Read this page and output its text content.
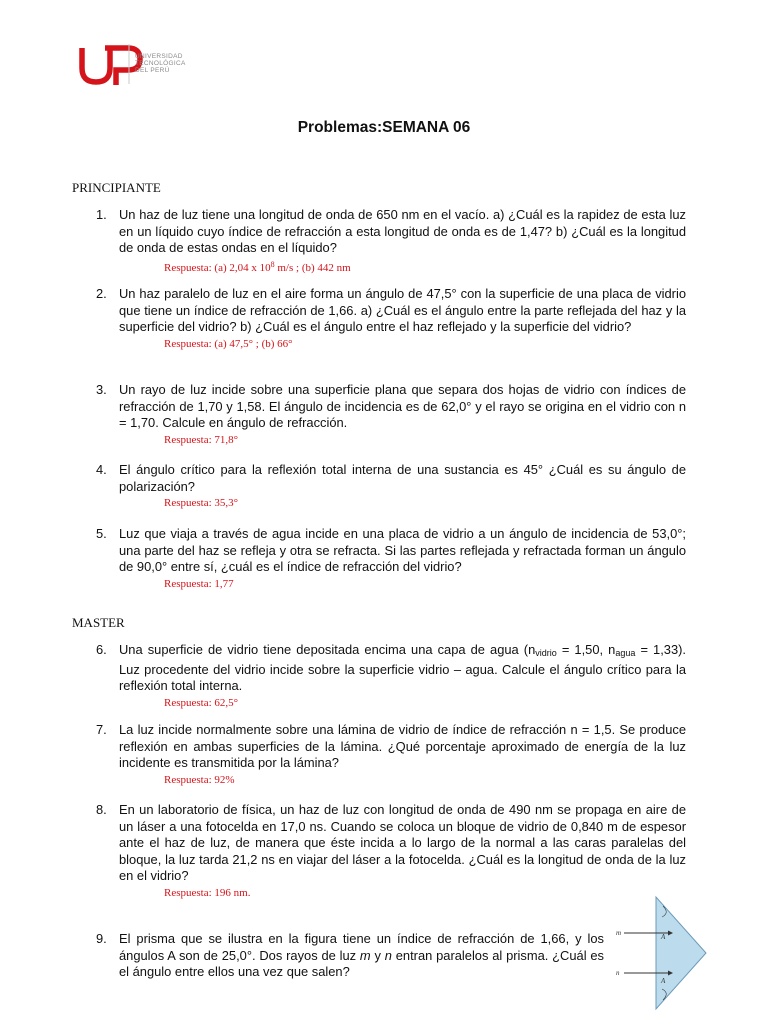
UNIVERSIDAD
TECNOLÓGICA
DEL PERÚ
Problemas:SEMANA 06
PRINCIPIANTE
1. Un haz de luz tiene una longitud de onda de 650 nm en el vacío. a) ¿Cuál es la rapidez de esta luz en un líquido cuyo índice de refracción a esta longitud de onda es de 1,47? b) ¿Cuál es la longitud de onda de estas ondas en el líquido?
Respuesta: (a) 2,04 x $10^8$ m/s ; (b) 442 nm
2. Un haz paralelo de luz en el aire forma un ángulo de 47,5° con la superficie de una placa de vidrio que tiene un índice de refracción de 1,66. a) ¿Cuál es el ángulo entre la parte reflejada del haz y la superficie del vidrio? b) ¿Cuál es el ángulo entre el haz reflejado y la superficie del vidrio?
Respuesta: (a) 47,5° ; (b) 66°
3. Un rayo de luz incide sobre una superficie plana que separa dos hojas de vidrio con índices de refracción de 1,70 y 1,58. El ángulo de incidencia es de 62,0° y el rayo se origina en el vidrio con n = 1,70. Calcule en ángulo de refracción.
Respuesta: 71,8°
4. El ángulo crítico para la reflexión total interna de una sustancia es 45° ¿Cuál es su ángulo de polarización?
Respuesta: 35,3°
5. Luz que viaja a través de agua incide en una placa de vidrio a un ángulo de incidencia de 53,0°; una parte del haz se refleja y otra se refracta. Si las partes reflejada y refractada forman un ángulo de 90,0° entre sí, ¿cuál es el índice de refracción del vidrio?
Respuesta: 1,77
MASTER
6. Una superficie de vidrio tiene depositada encima una capa de agua ($n_{vidrio} = 1,50$, $n_{agua} = 1,33$). Luz procedente del vidrio incide sobre la superficie vidrio – agua. Calcule el ángulo crítico para la reflexión total interna.
Respuesta: 62,5°
7. La luz incide normalmente sobre una lámina de vidrio de índice de refracción n = 1,5. Se produce reflexión en ambas superficies de la lámina. ¿Qué porcentaje aproximado de energía de la luz incidente es transmitida por la lámina?
Respuesta: 92%
8. En un laboratorio de física, un haz de luz con longitud de onda de 490 nm se propaga en aire de un láser a una fotocelda en 17,0 ns. Cuando se coloca un bloque de vidrio de 0,840 m de espesor ante el haz de luz, de manera que éste incida a lo largo de la normal a las caras paralelas del bloque, la luz tarda 21,2 ns en viajar del láser a la fotocelda. ¿Cuál es la longitud de onda de la luz en el vidrio?
Respuesta: 196 nm.
9. El prisma que se ilustra en la figura tiene un índice de refracción de 1,66, y los ángulos A son de 25,0°. Dos rayos de luz m y n entran paralelos al prisma. ¿Cuál es el ángulo entre ellos una vez que salen?
m
n
A
A
